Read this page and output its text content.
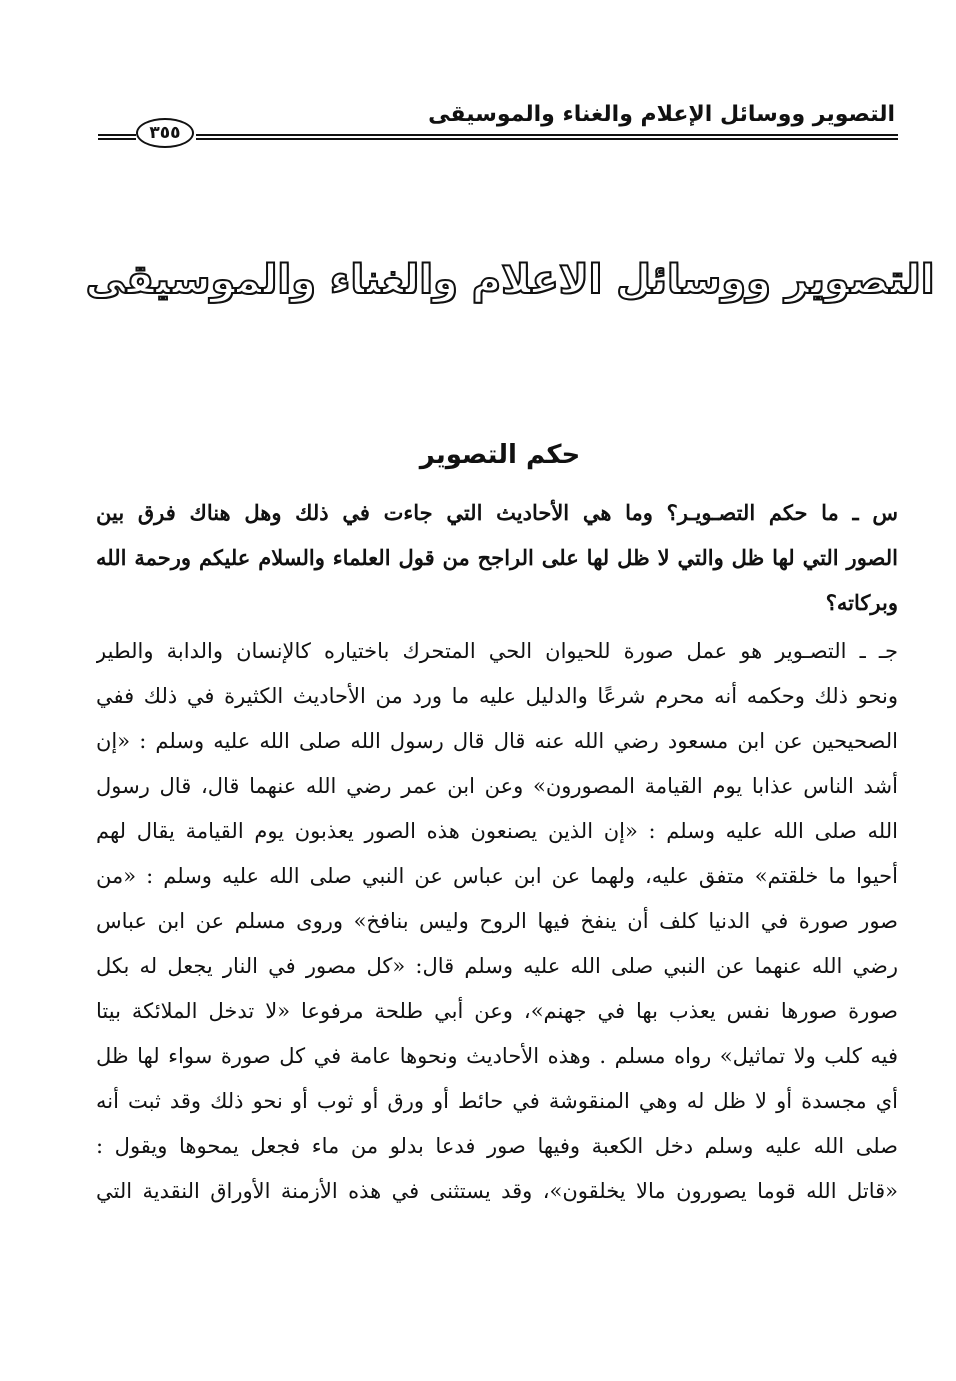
التصوير ووسائل الإعلام والغناء والموسيقى
٣٥٥
التصوير ووسائل الاعلام والغناء والموسيقى
حكم التصوير
س ـ ما حكم التصـويـر؟ وما هي الأحاديث التي جاءت في ذلك وهل هناك فرق بين
الصور التي لها ظل والتي لا ظل لها على الراجح من قول العلماء والسلام عليكم ورحمة الله
وبركاته؟
جـ ـ التصـوير هو عمل صورة للحيوان الحي المتحرك باختياره كالإنسان والدابة والطير
ونحو ذلك وحكمه أنه محرم شرعًا والدليل عليه ما ورد من الأحاديث الكثيرة في ذلك ففي
الصحيحين عن ابن مسعود رضي الله عنه قال قال رسول الله صلى الله عليه وسلم : «إن
أشد الناس عذابا يوم القيامة المصورون» وعن ابن عمر رضي الله عنهما قال، قال رسول
الله صلى الله عليه وسلم : «إن الذين يصنعون هذه الصور يعذبون يوم القيامة يقال لهم
أحيوا ما خلقتم» متفق عليه، ولهما عن ابن عباس عن النبي صلى الله عليه وسلم : «من
صور صورة في الدنيا كلف أن ينفخ فيها الروح وليس بنافخ» وروى مسلم عن ابن عباس
رضي الله عنهما عن النبي صلى الله عليه وسلم قال: «كل مصور في النار يجعل له بكل
صورة صورها نفس يعذب بها في جهنم»، وعن أبي طلحة مرفوعا «لا تدخل الملائكة بيتا
فيه كلب ولا تماثيل» رواه مسلم . وهذه الأحاديث ونحوها عامة في كل صورة سواء لها ظل
أي مجسدة أو لا ظل له وهي المنقوشة في حائط أو ورق أو ثوب أو نحو ذلك وقد ثبت أنه
صلى الله عليه وسلم دخل الكعبة وفيها صور فدعا بدلو من ماء فجعل يمحوها ويقول :
«قاتل الله قوما يصورون مالا يخلقون»، وقد يستثنى في هذه الأزمنة الأوراق النقدية التي
